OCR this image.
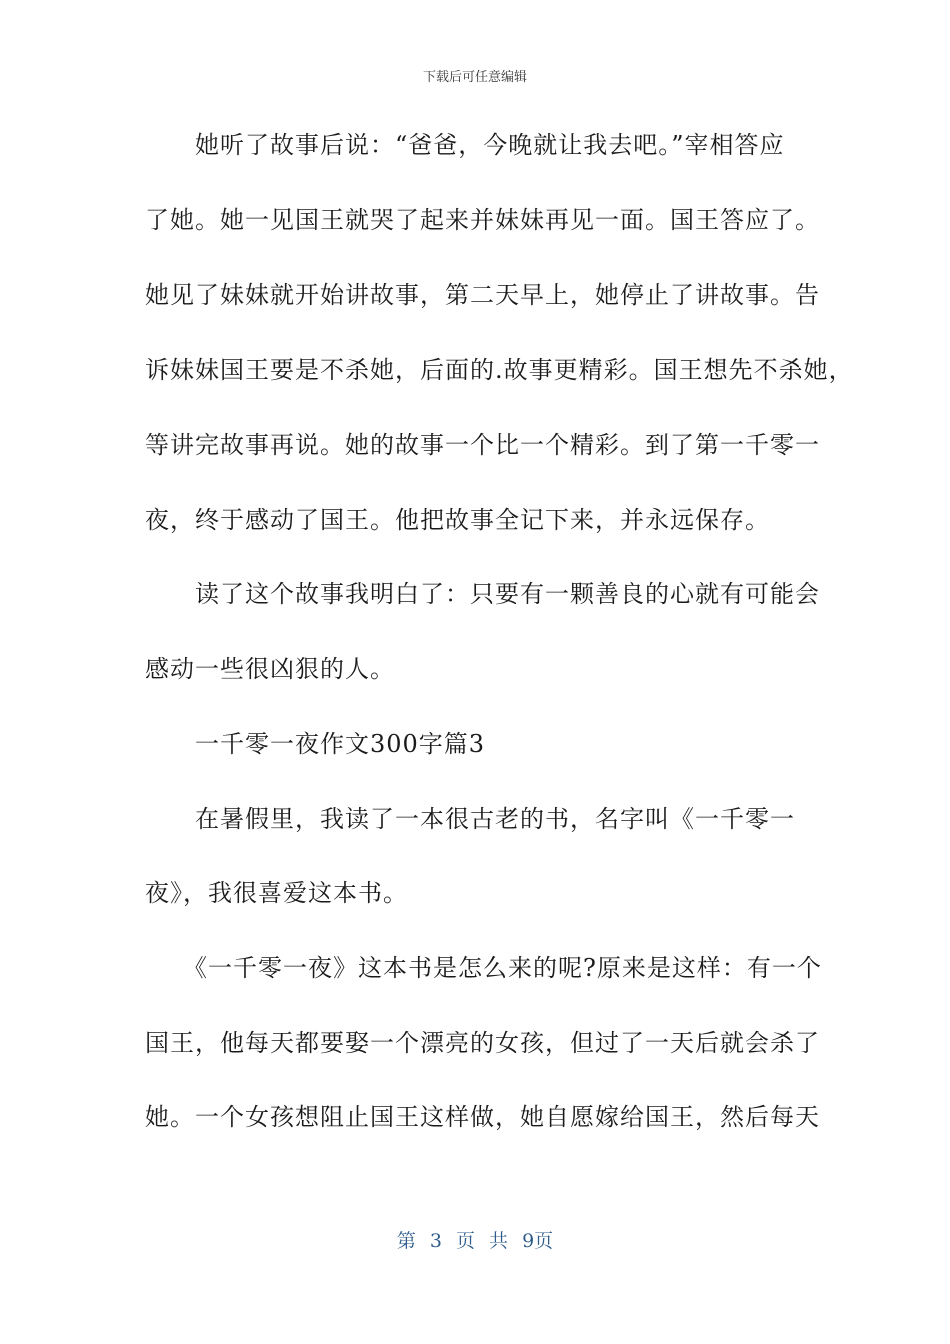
下载后可任意编辑
　　她听了故事后说：“爸爸，今晚就让我去吧。”宰相答应
了她。她一见国王就哭了起来并妹妹再见一面。国王答应了。
她见了妹妹就开始讲故事，第二天早上，她停止了讲故事。告
诉妹妹国王要是不杀她，后面的.故事更精彩。国王想先不杀她，
等讲完故事再说。她的故事一个比一个精彩。到了第一千零一
夜，终于感动了国王。他把故事全记下来，并永远保存。
　　读了这个故事我明白了：只要有一颗善良的心就有可能会
感动一些很凶狠的人。
　　一千零一夜作文300字篇3
　　在暑假里，我读了一本很古老的书，名字叫《一千零一
夜》，我很喜爱这本书。
　　《一千零一夜》这本书是怎么来的呢?原来是这样：有一个
国王，他每天都要娶一个漂亮的女孩，但过了一天后就会杀了
她。一个女孩想阻止国王这样做，她自愿嫁给国王，然后每天
第 3 页 共 9页
